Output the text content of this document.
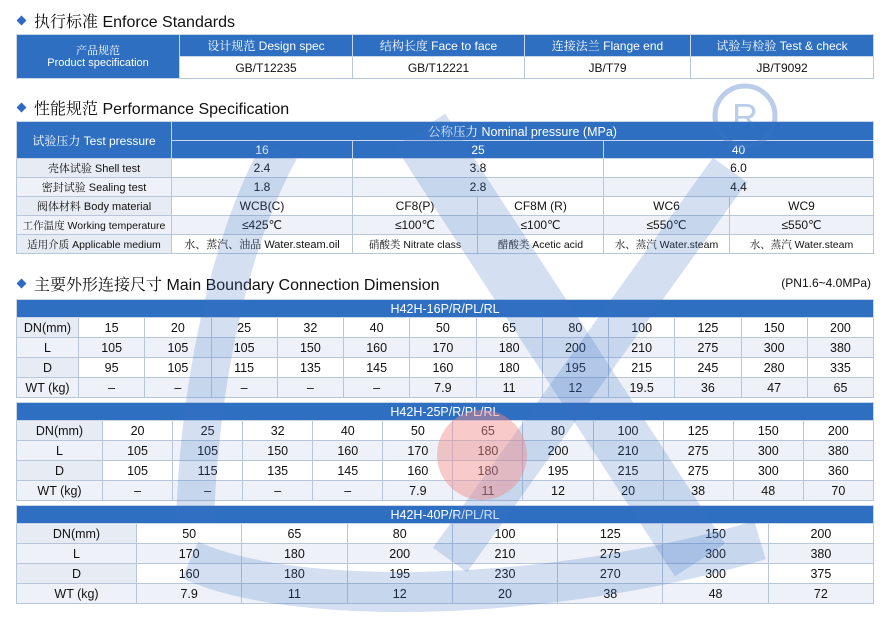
执行标准 Enforce Standards
产品规范
Product specification	设计规范 Design spec	结构长度 Face to face	连接法兰 Flange end	试验与检验 Test & check
	GB/T12235	GB/T12221	JB/T79	JB/T9092
性能规范 Performance Specification
试验压力 Test pressure	公称压力 Nominal pressure (MPa)				
	16	25		40	
壳体试验 Shell test	2.4	3.8		6.0	
密封试验 Sealing test	1.8	2.8		4.4	
阀体材料 Body material	WCB(C)	CF8(P)	CF8M (R)	WC6	WC9
工作温度 Working temperature	≤425℃	≤100℃	≤100℃	≤550℃	≤550℃
适用介质 Applicable medium	水、蒸汽、油品 Water.steam.oil	硝酸类 Nitrate class	醋酸类 Acetic acid	水、蒸汽 Water.steam	水、蒸汽 Water.steam
主要外形连接尺寸 Main Boundary Connection Dimension	(PN1.6~4.0MPa)
H42H-16P/R/PL/RL												
DN(mm)	15	20	25	32	40	50	65	80	100	125	150	200
L	105	105	105	150	160	170	180	200	210	275	300	380
D	95	105	115	135	145	160	180	195	215	245	280	335
WT (kg)	–	–	–	–	–	7.9	11	12	19.5	36	47	65
H42H-25P/R/PL/RL											
DN(mm)	20	25	32	40	50	65	80	100	125	150	200
L	105	105	150	160	170	180	200	210	275	300	380
D	105	115	135	145	160	180	195	215	275	300	360
WT (kg)	–	–	–	–	7.9	11	12	20	38	48	70
H42H-40P/R/PL/RL							
DN(mm)	50	65	80	100	125	150	200
L	170	180	200	210	275	300	380
D	160	180	195	230	270	300	375
WT (kg)	7.9	11	12	20	38	48	72
R
